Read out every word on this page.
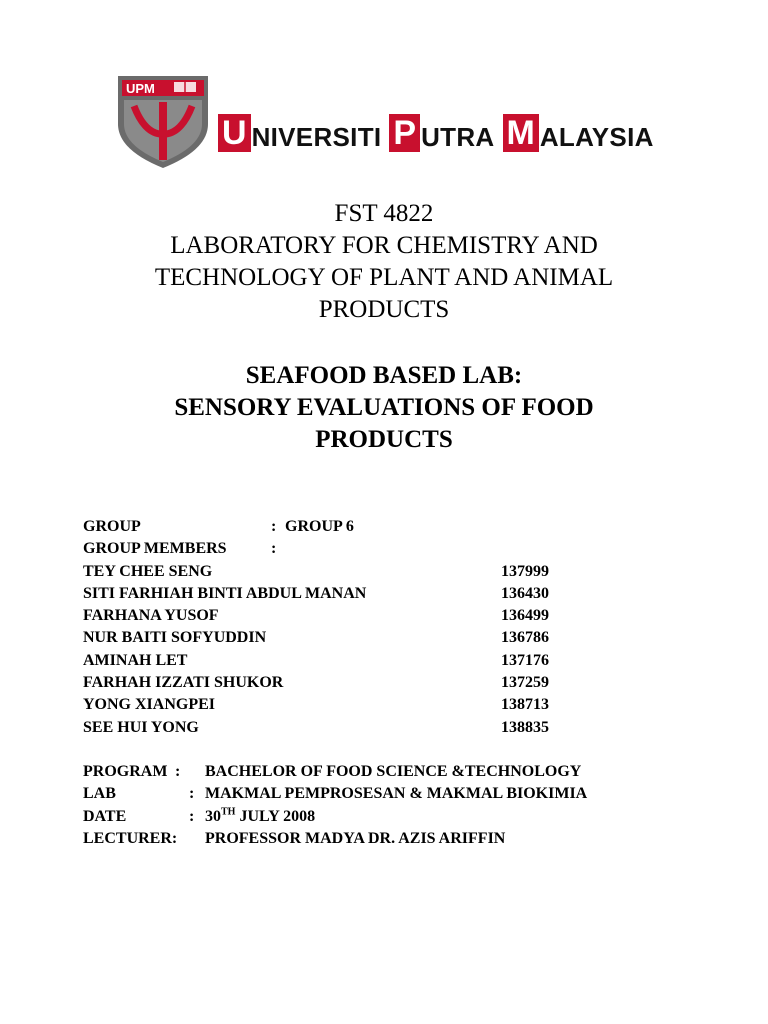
UPM
U NIVERSITI P UTRA M ALAYSIA
FST 4822
LABORATORY FOR CHEMISTRY AND
TECHNOLOGY OF PLANT AND ANIMAL
PRODUCTS
SEAFOOD BASED LAB:
SENSORY EVALUATIONS OF FOOD
PRODUCTS
GROUP	: GROUP 6
GROUP MEMBERS	:
TEY CHEE SENG	137999
SITI FARHIAH BINTI ABDUL MANAN	136430
FARHANA YUSOF	136499
NUR BAITI SOFYUDDIN	136786
AMINAH LET	137176
FARHAH IZZATI SHUKOR	137259
YONG XIANGPEI	138713
SEE HUI YONG	138835
PROGRAM : BACHELOR OF FOOD SCIENCE &TECHNOLOGY
LAB	: MAKMAL PEMPROSESAN & MAKMAL BIOKIMIA
DATE	: 30TH JULY 2008
LECTURER: PROFESSOR MADYA DR. AZIS ARIFFIN
